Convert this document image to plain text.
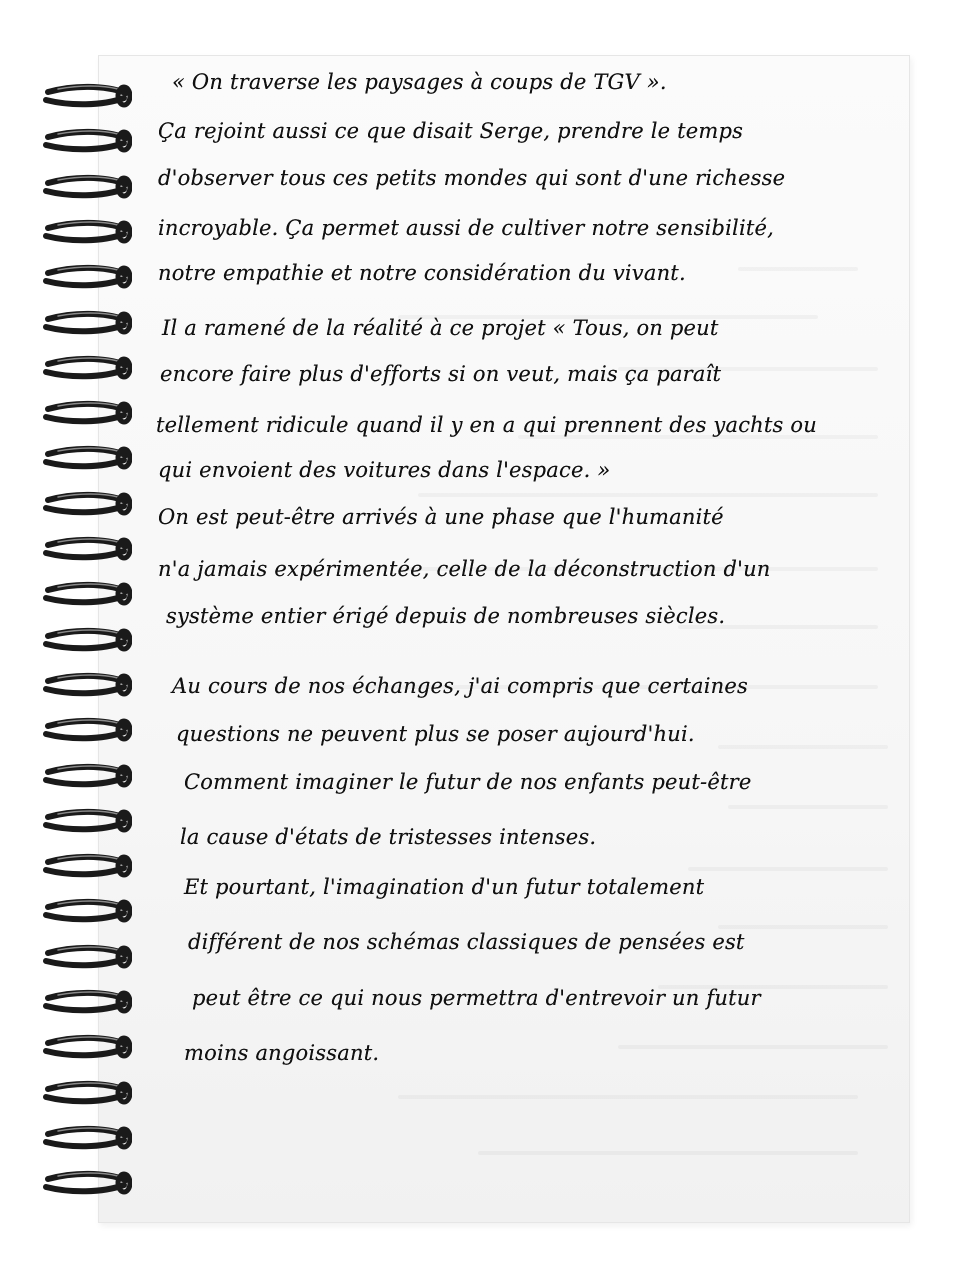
« On traverse les paysages à coups de TGV ».

Ça rejoint aussi ce que disait Serge, prendre le temps

d'observer tous ces petits mondes qui sont d'une richesse

incroyable. Ça permet aussi de cultiver notre sensibilité,

notre empathie et notre considération du vivant.

Il a ramené de la réalité à ce projet « Tous, on peut

encore faire plus d'efforts si on veut, mais ça paraît

tellement ridicule quand il y en a qui prennent des yachts ou

qui envoient des voitures dans l'espace. »

On est peut-être arrivés à une phase que l'humanité

n'a jamais expérimentée, celle de la déconstruction d'un

système entier érigé depuis de nombreuses siècles.

Au cours de nos échanges, j'ai compris que certaines

questions ne peuvent plus se poser aujourd'hui.

Comment imaginer le futur de nos enfants peut-être

la cause d'états de tristesses intenses.

Et pourtant, l'imagination d'un futur totalement

différent de nos schémas classiques de pensées est

peut être ce qui nous permettra d'entrevoir un futur

moins angoissant.
